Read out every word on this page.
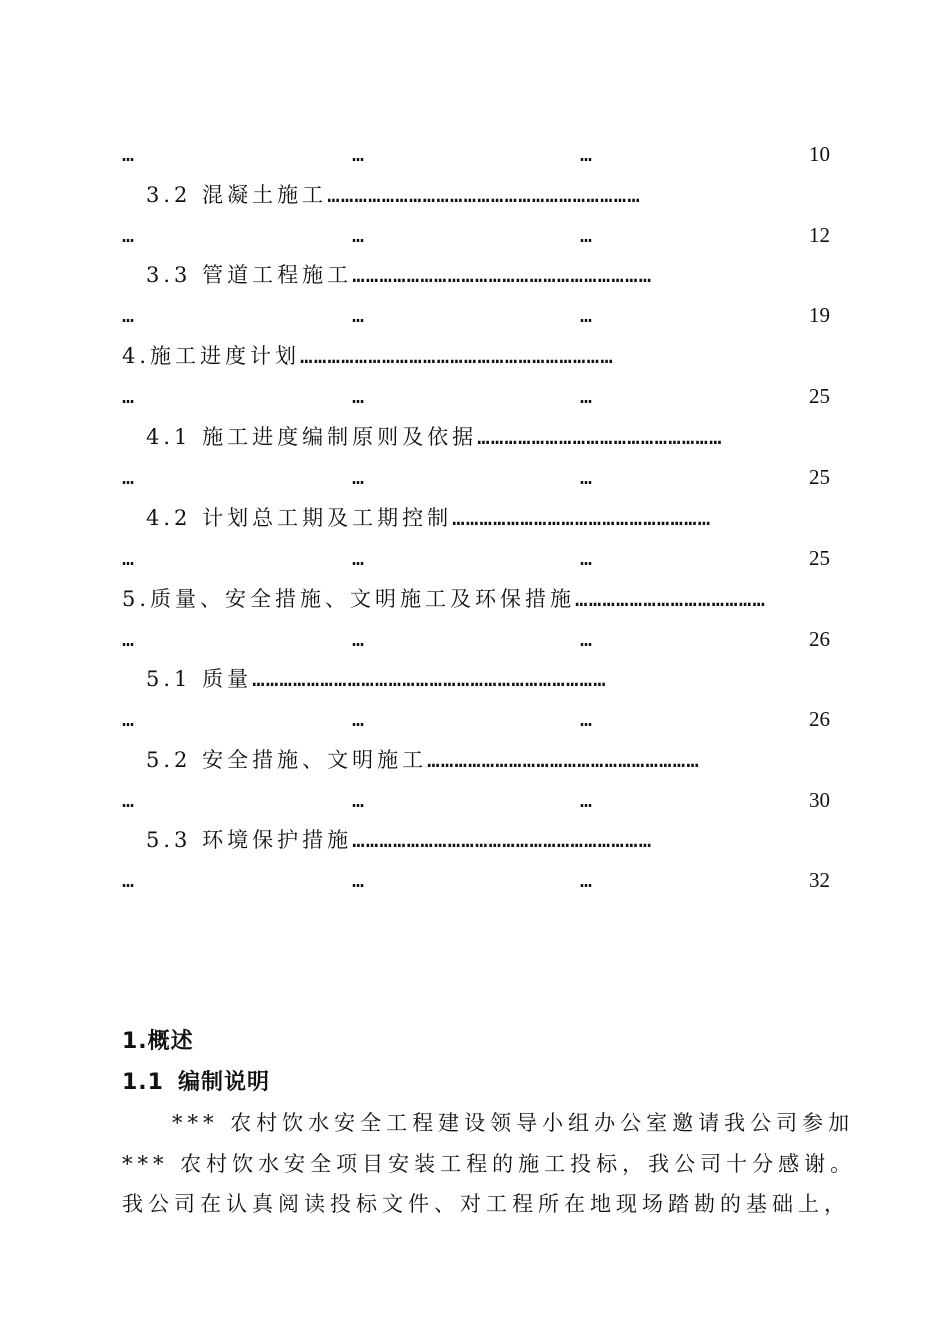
…	…	…	10
3.2 混凝土施工……………………………………………………………
…	…	…	12
3.3 管道工程施工…………………………………………………………
…	…	…	19
4.施工进度计划……………………………………………………………
…	…	…	25
4.1 施工进度编制原则及依据………………………………………………
…	…	…	25
4.2 计划总工期及工期控制…………………………………………………
…	…	…	25
5.质量、安全措施、文明施工及环保措施……………………………………
…	…	…	26
5.1 质量……………………………………………………………………
…	…	…	26
5.2 安全措施、文明施工……………………………………………………
…	…	…	30
5.3 环境保护措施…………………………………………………………
…	…	…	32
1.概述
1.1 编制说明
*** 农村饮水安全工程建设领导小组办公室邀请我公司参加
*** 农村饮水安全项目安装工程的施工投标，我公司十分感谢。
我公司在认真阅读投标文件、对工程所在地现场踏勘的基础上，
